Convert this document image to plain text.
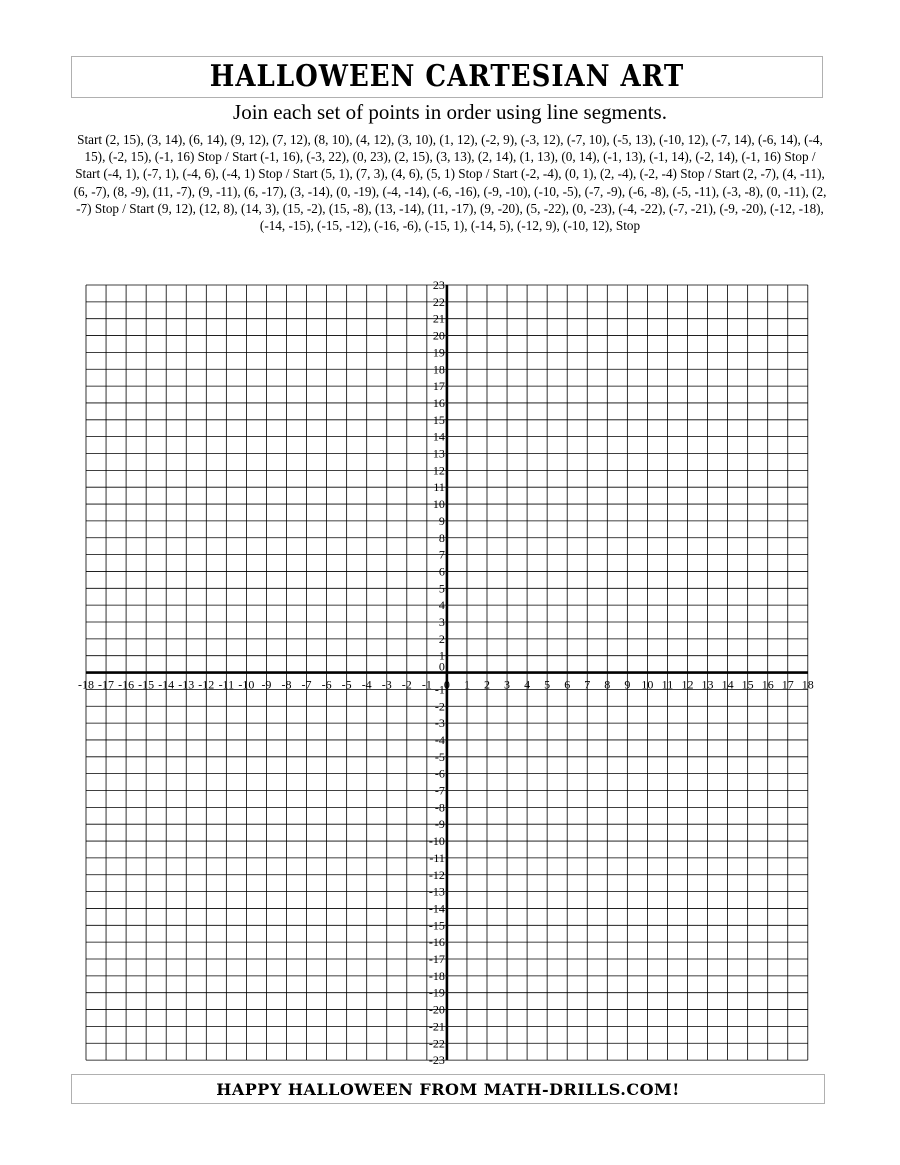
HALLOWEEN CARTESIAN ART
Join each set of points in order using line segments.
Start (2, 15), (3, 14), (6, 14), (9, 12), (7, 12), (8, 10), (4, 12), (3, 10), (1, 12), (-2, 9), (-3, 12), (-7, 10), (-5, 13), (-10, 12), (-7, 14), (-6, 14), (-4, 15), (-2, 15), (-1, 16) Stop / Start (-1, 16), (-3, 22), (0, 23), (2, 15), (3, 13), (2, 14), (1, 13), (0, 14), (-1, 13), (-1, 14), (-2, 14), (-1, 16) Stop / Start (-4, 1), (-7, 1), (-4, 6), (-4, 1) Stop / Start (5, 1), (7, 3), (4, 6), (5, 1) Stop / Start (-2, -4), (0, 1), (2, -4), (-2, -4) Stop / Start (2, -7), (4, -11), (6, -7), (8, -9), (11, -7), (9, -11), (6, -17), (3, -14), (0, -19), (-4, -14), (-6, -16), (-9, -10), (-10, -5), (-7, -9), (-6, -8), (-5, -11), (-3, -8), (0, -11), (2, -7) Stop / Start (9, 12), (12, 8), (14, 3), (15, -2), (15, -8), (13, -14), (11, -17), (9, -20), (5, -22), (0, -23), (-4, -22), (-7, -21), (-9, -20), (-12, -18), (-14, -15), (-15, -12), (-16, -6), (-15, 1), (-14, 5), (-12, 9), (-10, 12), Stop
-18 -17 -16 -15 -14 -13 -12 -11 -10 -9 -8 -7 -6 -5 -4 -3 -2 -1 0 1 2 3 4 5 6 7 8 9 10 11 12 13 14 15 16 17 18
-23
-22
-21
-20
-19
-18
-17
-16
-15
-14
-13
-12
-11
-10
-9
-8
-7
-6
-5
-4
-3
-2
-1
1
2
3
4
5
6
7
8
9
10
11
12
13
14
15
16
17
18
19
20
21
22
23
0
HAPPY HALLOWEEN FROM MATH-DRILLS.COM!
